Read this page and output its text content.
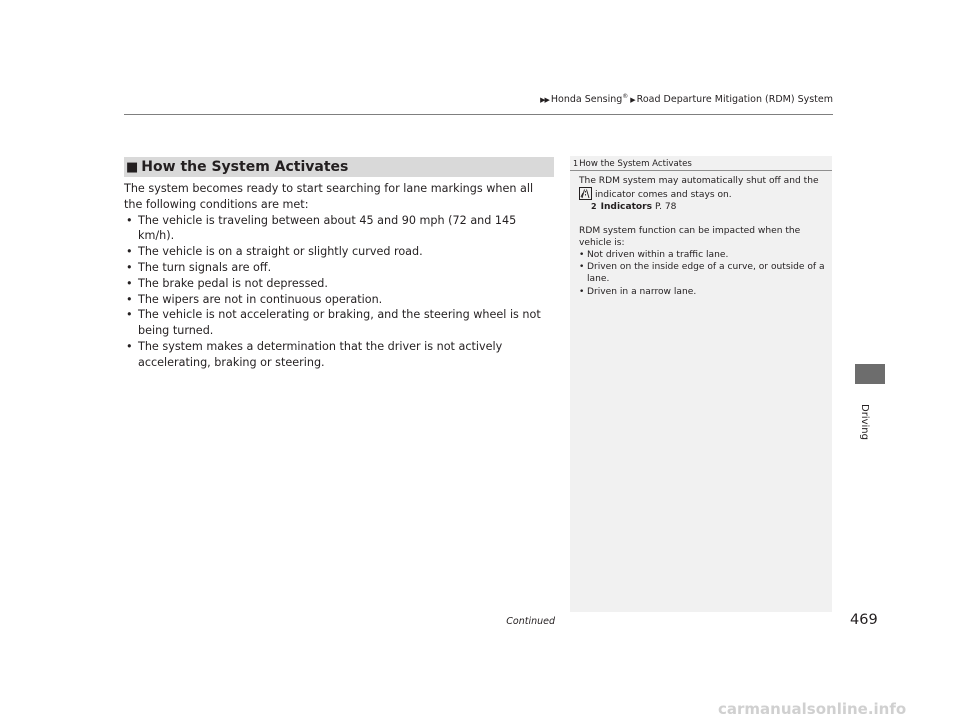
▶▶ Honda Sensing® ▶ Road Departure Mitigation (RDM) System
■ How the System Activates

The system becomes ready to start searching for lane markings when all the following conditions are met:

• The vehicle is traveling between about 45 and 90 mph (72 and 145 km/h).
• The vehicle is on a straight or slightly curved road.
• The turn signals are off.
• The brake pedal is not depressed.
• The wipers are not in continuous operation.
• The vehicle is not accelerating or braking, and the steering wheel is not being turned.
• The system makes a determination that the driver is not actively accelerating, braking or steering.
1How the System Activates

The RDM system may automatically shut off and the

indicator comes and stays on.

2 Indicators P. 78

RDM system function can be impacted when the vehicle is:

• Not driven within a traffic lane.
• Driven on the inside edge of a curve, or outside of a lane.
• Driven in a narrow lane.
Driving
Continued	469
carmanualsonline.info
